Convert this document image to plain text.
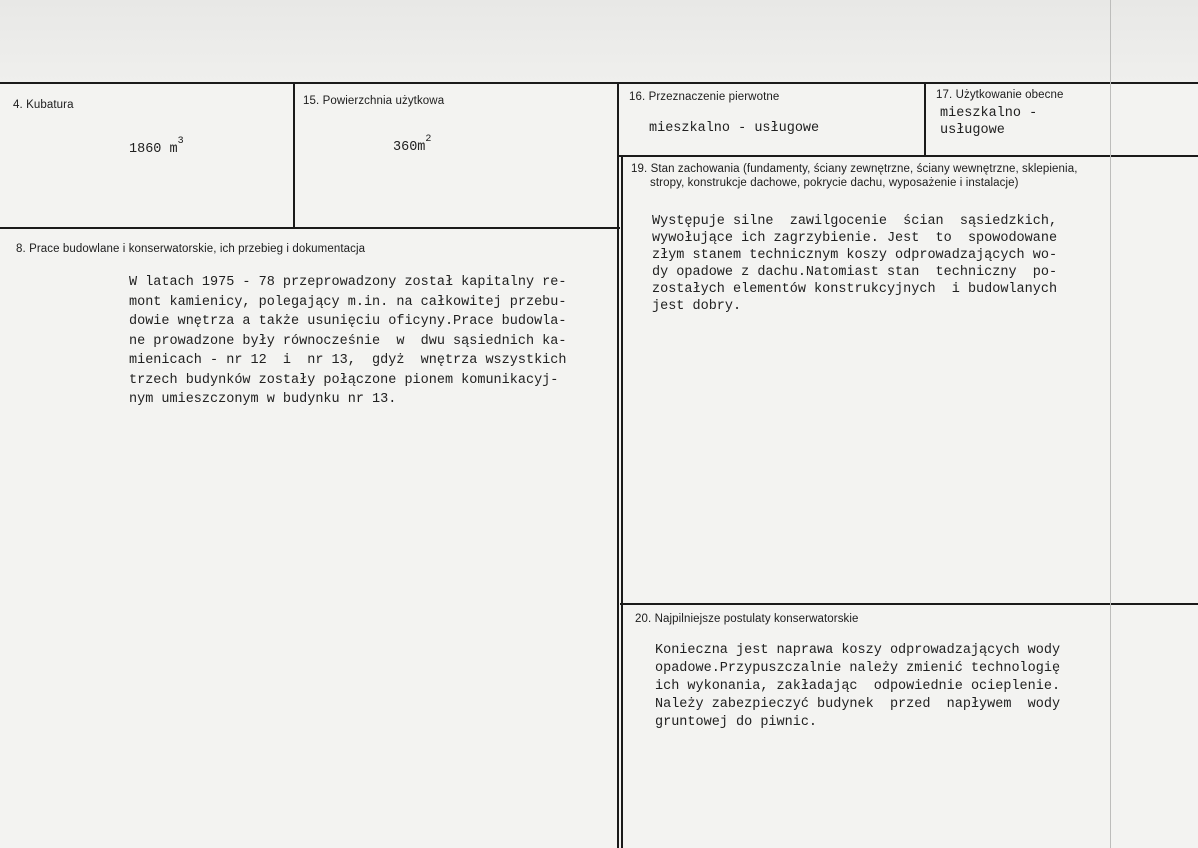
4. Kubatura
1860 $m^3$
15. Powierzchnia użytkowa
$360m^2$
16. Przeznaczenie pierwotne
mieszkalno - usługowe
17. Użytkowanie obecne
mieszkalno -
usługowe
8. Prace budowlane i konserwatorskie, ich przebieg i dokumentacja
W latach 1975 - 78 przeprowadzony został kapitalny re-
mont kamienicy, polegający m.in. na całkowitej przebu-
dowie wnętrza a także usunięciu oficyny.Prace budowla-
ne prowadzone były równocześnie  w  dwu sąsiednich ka-
mienicach - nr 12  i  nr 13,  gdyż  wnętrza wszystkich
trzech budynków zostały połączone pionem komunikacyj-
nym umieszczonym w budynku nr 13.
19. Stan zachowania (fundamenty, ściany zewnętrzne, ściany wewnętrzne, sklepienia,
stropy, konstrukcje dachowe, pokrycie dachu, wyposażenie i instalacje)
Występuje silne  zawilgocenie  ścian  sąsiedzkich,
wywołujące ich zagrzybienie. Jest  to  spowodowane
złym stanem technicznym koszy odprowadzających wo-
dy opadowe z dachu.Natomiast stan  techniczny  po-
zostałych elementów konstrukcyjnych  i budowlanych
jest dobry.
20. Najpilniejsze postulaty konserwatorskie
Konieczna jest naprawa koszy odprowadzających wody
opadowe.Przypuszczalnie należy zmienić technologię
ich wykonania, zakładając  odpowiednie ocieplenie.
Należy zabezpieczyć budynek  przed  napływem  wody
gruntowej do piwnic.
